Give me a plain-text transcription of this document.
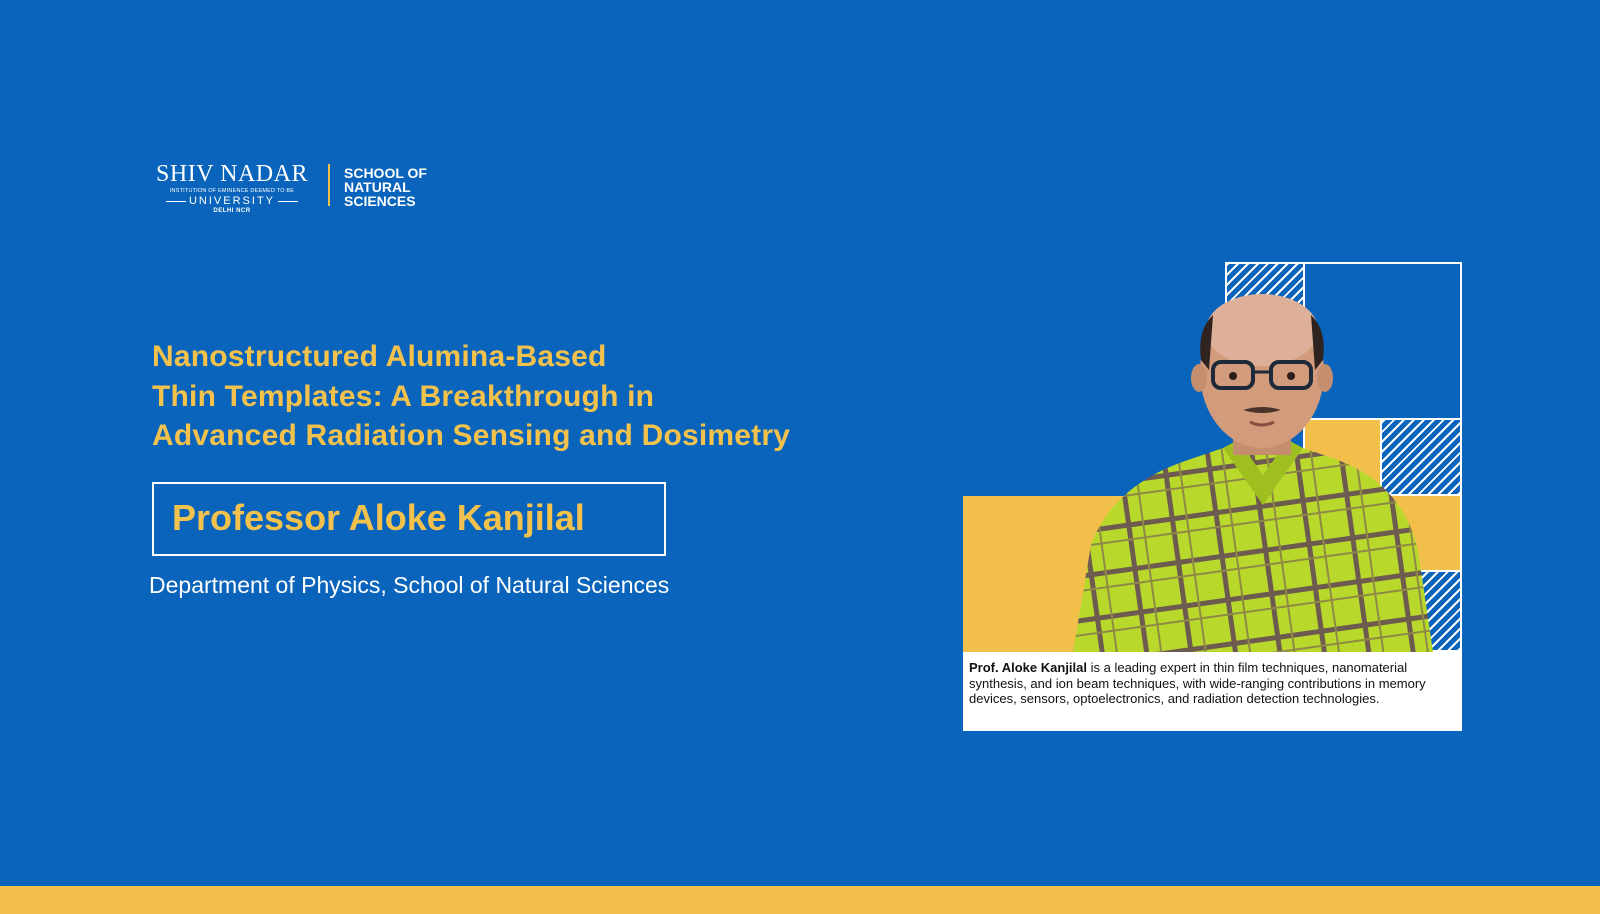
SHIV NADAR
INSTITUTION OF EMINENCE DEEMED TO BE
UNIVERSITY
DELHI NCR
SCHOOL OF
NATURAL
SCIENCES
Nanostructured Alumina-Based
Thin Templates: A Breakthrough in
Advanced Radiation Sensing and Dosimetry
Professor Aloke Kanjilal
Department of Physics, School of Natural Sciences
Prof. Aloke Kanjilal is a leading expert in thin film techniques, nanomaterial synthesis, and ion beam techniques, with wide-ranging contributions in memory devices, sensors, optoelectronics, and radiation detection technologies.
